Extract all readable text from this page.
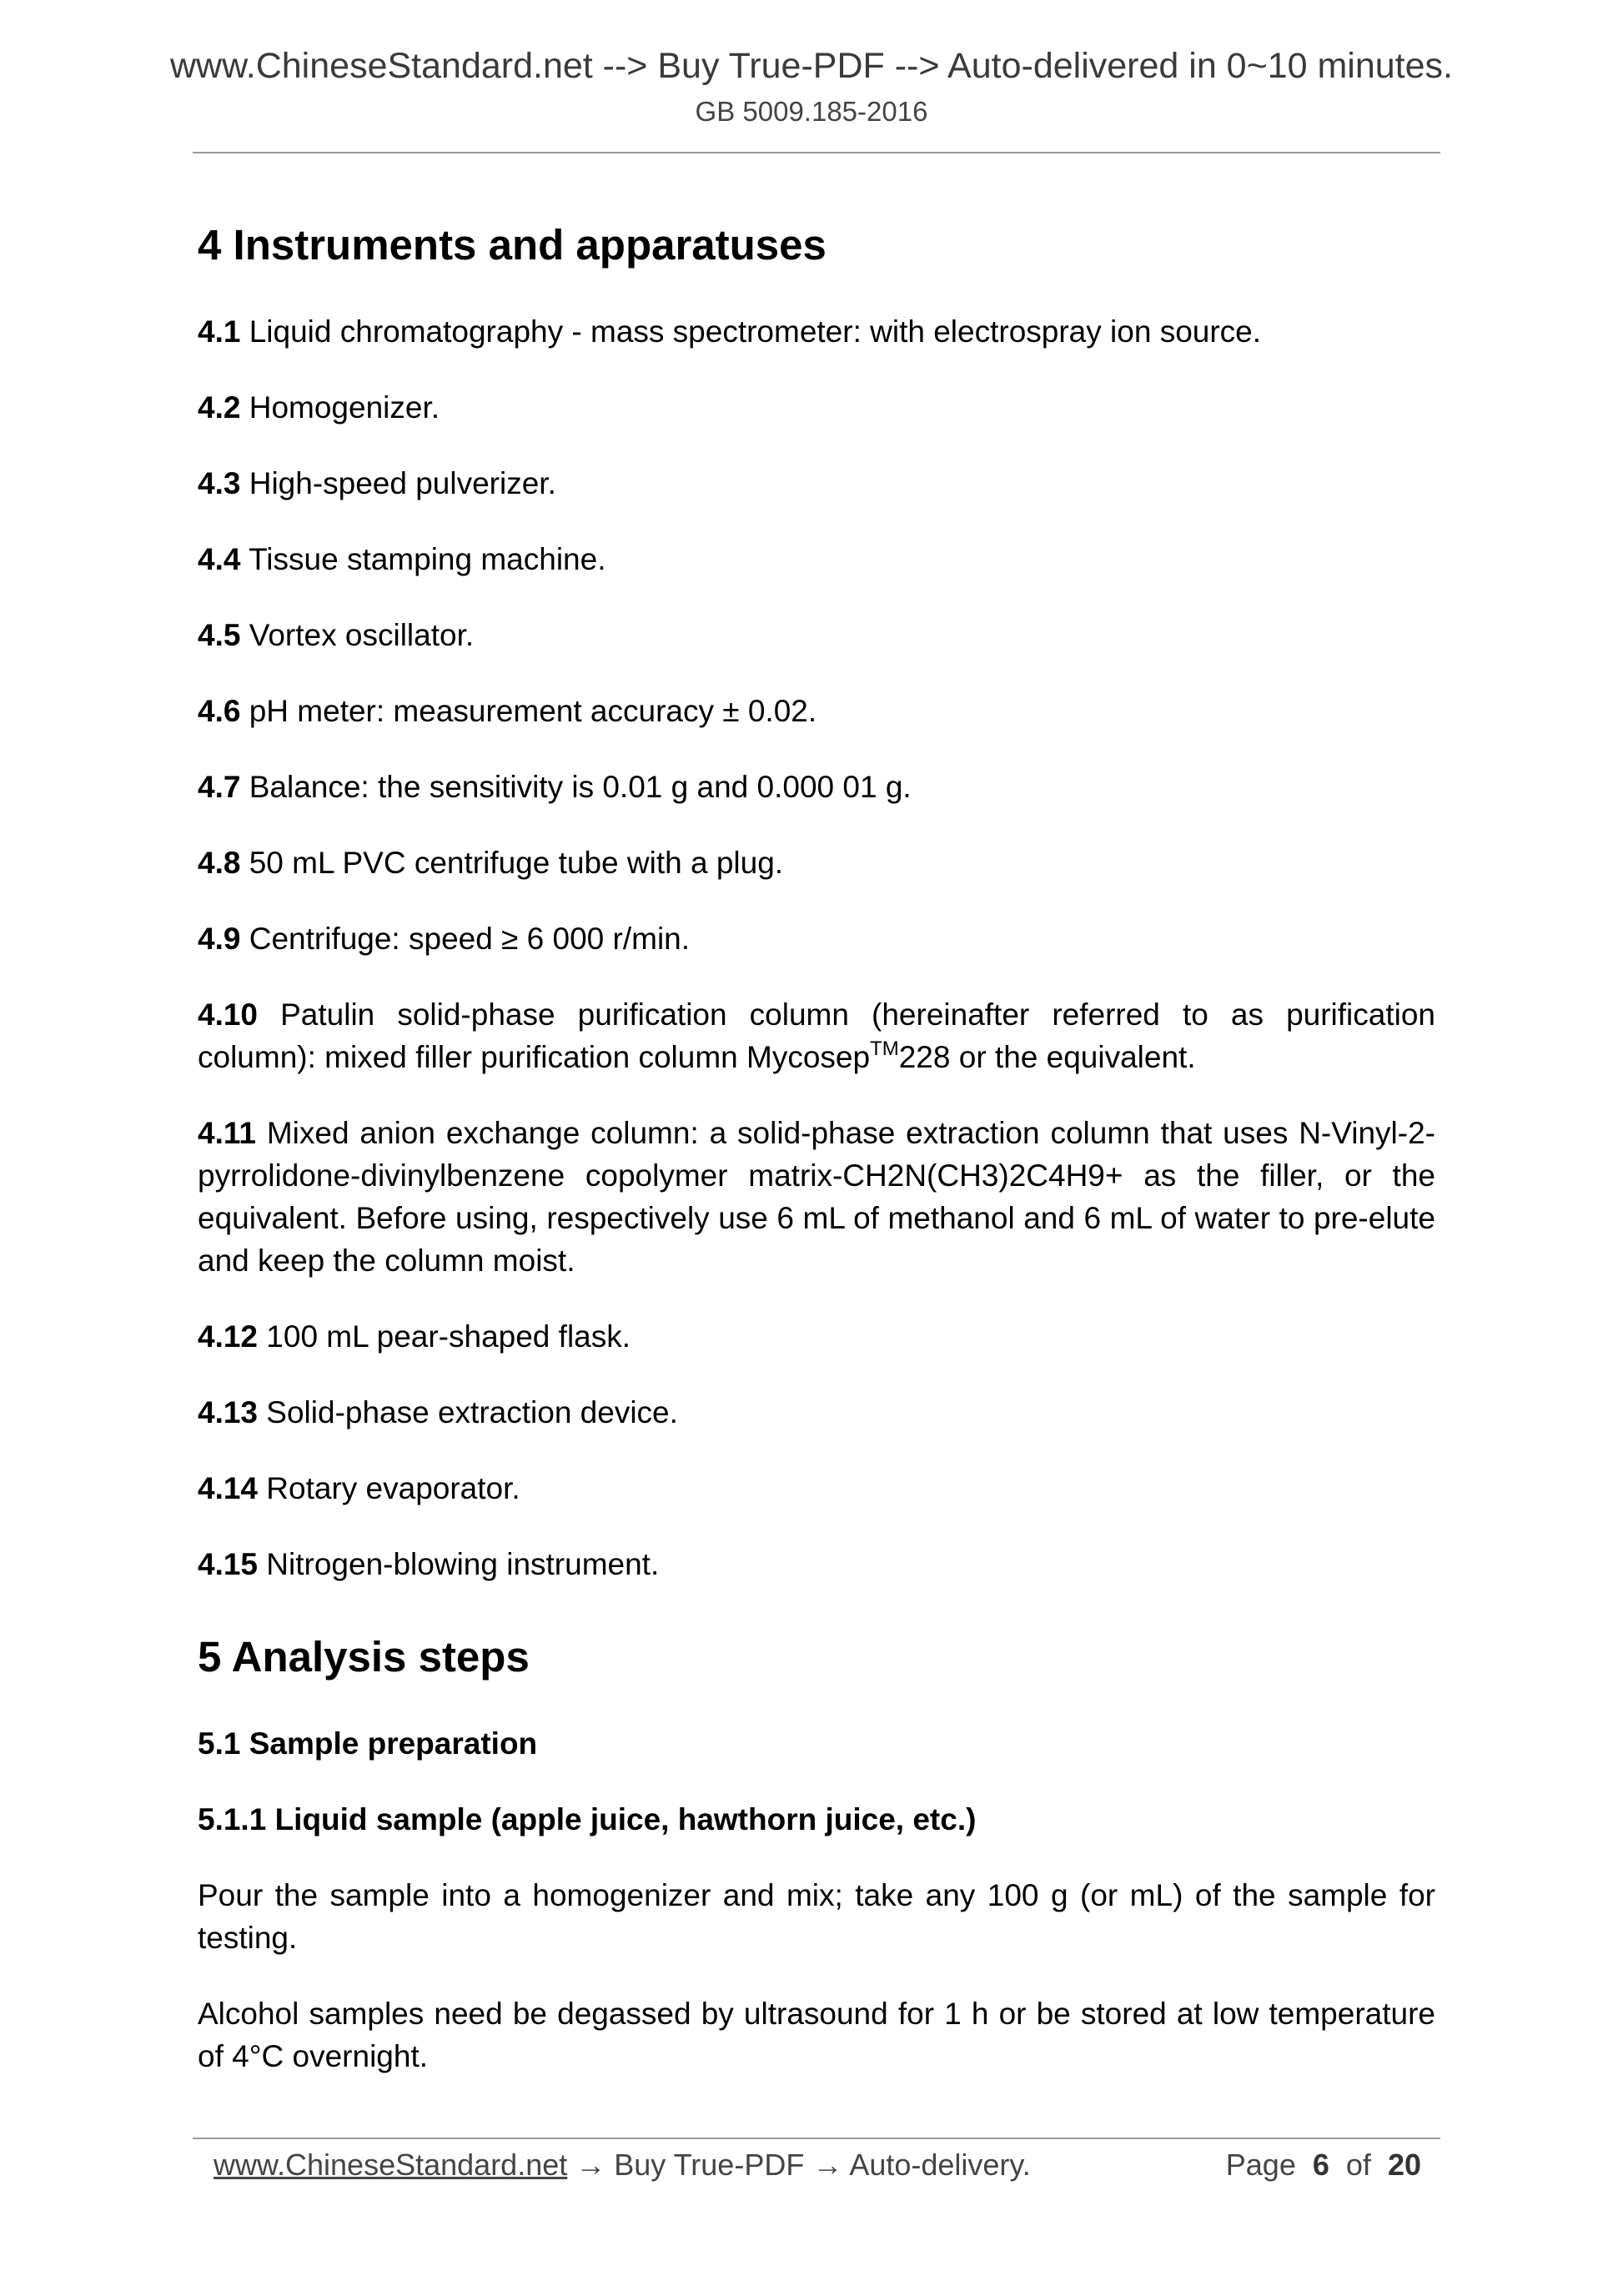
www.ChineseStandard.net --> Buy True-PDF --> Auto-delivered in 0~10 minutes.
GB 5009.185-2016
4 Instruments and apparatuses
4.1 Liquid chromatography - mass spectrometer: with electrospray ion source.
4.2 Homogenizer.
4.3 High-speed pulverizer.
4.4 Tissue stamping machine.
4.5 Vortex oscillator.
4.6 pH meter: measurement accuracy ± 0.02.
4.7 Balance: the sensitivity is 0.01 g and 0.000 01 g.
4.8 50 mL PVC centrifuge tube with a plug.
4.9 Centrifuge: speed ≥ 6 000 r/min.
4.10 Patulin solid-phase purification column (hereinafter referred to as purification column): mixed filler purification column Mycosep™228 or the equivalent.
4.11 Mixed anion exchange column: a solid-phase extraction column that uses N-Vinyl-2-pyrrolidone-divinylbenzene copolymer matrix-CH2N(CH3)2C4H9+ as the filler, or the equivalent. Before using, respectively use 6 mL of methanol and 6 mL of water to pre-elute and keep the column moist.
4.12 100 mL pear-shaped flask.
4.13 Solid-phase extraction device.
4.14 Rotary evaporator.
4.15 Nitrogen-blowing instrument.
5 Analysis steps
5.1 Sample preparation
5.1.1 Liquid sample (apple juice, hawthorn juice, etc.)
Pour the sample into a homogenizer and mix; take any 100 g (or mL) of the sample for testing.
Alcohol samples need be degassed by ultrasound for 1 h or be stored at low temperature of 4°C overnight.
www.ChineseStandard.net → Buy True-PDF → Auto-delivery.	Page 6 of 20
